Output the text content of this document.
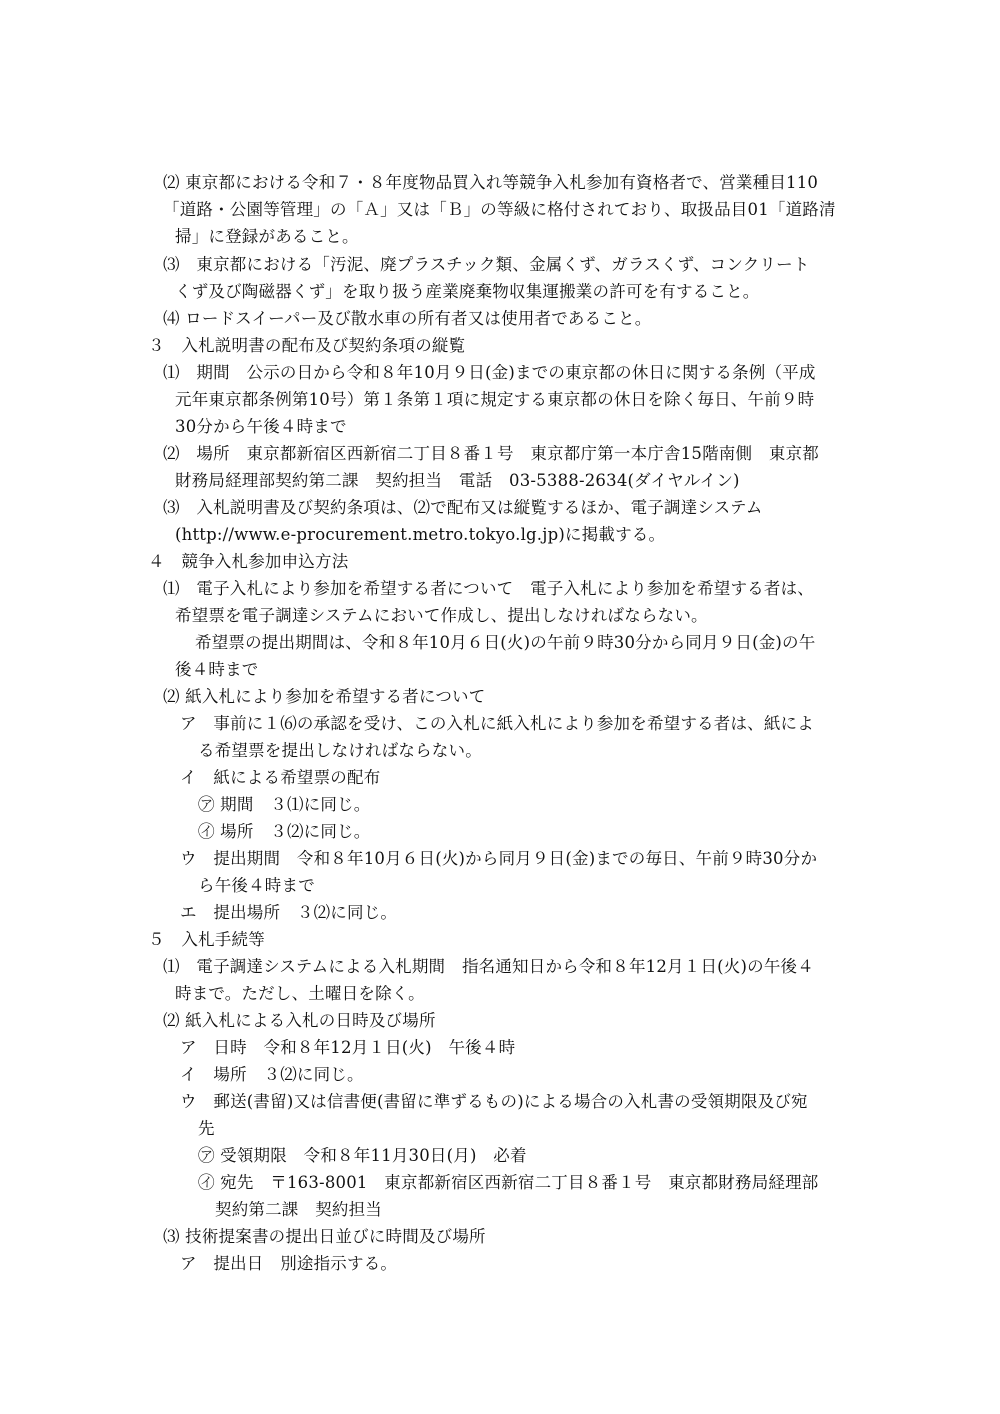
⑵ 東京都における令和７・８年度物品買入れ等競争入札参加有資格者で、営業種目110
「道路・公園等管理」の「Ａ」又は「Ｂ」の等級に格付されており、取扱品目01「道路清
掃」に登録があること。
⑶　東京都における「汚泥、廃プラスチック類、金属くず、ガラスくず、コンクリート
くず及び陶磁器くず」を取り扱う産業廃棄物収集運搬業の許可を有すること。
⑷ ロードスイーパー及び散水車の所有者又は使用者であること。
３　入札説明書の配布及び契約条項の縦覧
⑴　期間　公示の日から令和８年10月９日(金)までの東京都の休日に関する条例（平成
元年東京都条例第10号）第１条第１項に規定する東京都の休日を除く毎日、午前９時
30分から午後４時まで
⑵　場所　東京都新宿区西新宿二丁目８番１号　東京都庁第一本庁舎15階南側　東京都
財務局経理部契約第二課　契約担当　電話　03-5388-2634(ダイヤルイン)
⑶　入札説明書及び契約条項は、⑵で配布又は縦覧するほか、電子調達システム
(http://www.e-procurement.metro.tokyo.lg.jp)に掲載する。
４　競争入札参加申込方法
⑴　電子入札により参加を希望する者について　電子入札により参加を希望する者は、
希望票を電子調達システムにおいて作成し、提出しなければならない。
希望票の提出期間は、令和８年10月６日(火)の午前９時30分から同月９日(金)の午
後４時まで
⑵ 紙入札により参加を希望する者について
ア　事前に１⑹の承認を受け、この入札に紙入札により参加を希望する者は、紙によ
る希望票を提出しなければならない。
イ　紙による希望票の配布
㋐ 期間　３⑴に同じ。
㋑ 場所　３⑵に同じ。
ウ　提出期間　令和８年10月６日(火)から同月９日(金)までの毎日、午前９時30分か
ら午後４時まで
エ　提出場所　３⑵に同じ。
５　入札手続等
⑴　電子調達システムによる入札期間　指名通知日から令和８年12月１日(火)の午後４
時まで。ただし、土曜日を除く。
⑵ 紙入札による入札の日時及び場所
ア　日時　令和８年12月１日(火)　午後４時
イ　場所　３⑵に同じ。
ウ　郵送(書留)又は信書便(書留に準ずるもの)による場合の入札書の受領期限及び宛
先
㋐ 受領期限　令和８年11月30日(月)　必着
㋑ 宛先　〒163-8001　東京都新宿区西新宿二丁目８番１号　東京都財務局経理部
契約第二課　契約担当
⑶ 技術提案書の提出日並びに時間及び場所
ア　提出日　別途指示する。
